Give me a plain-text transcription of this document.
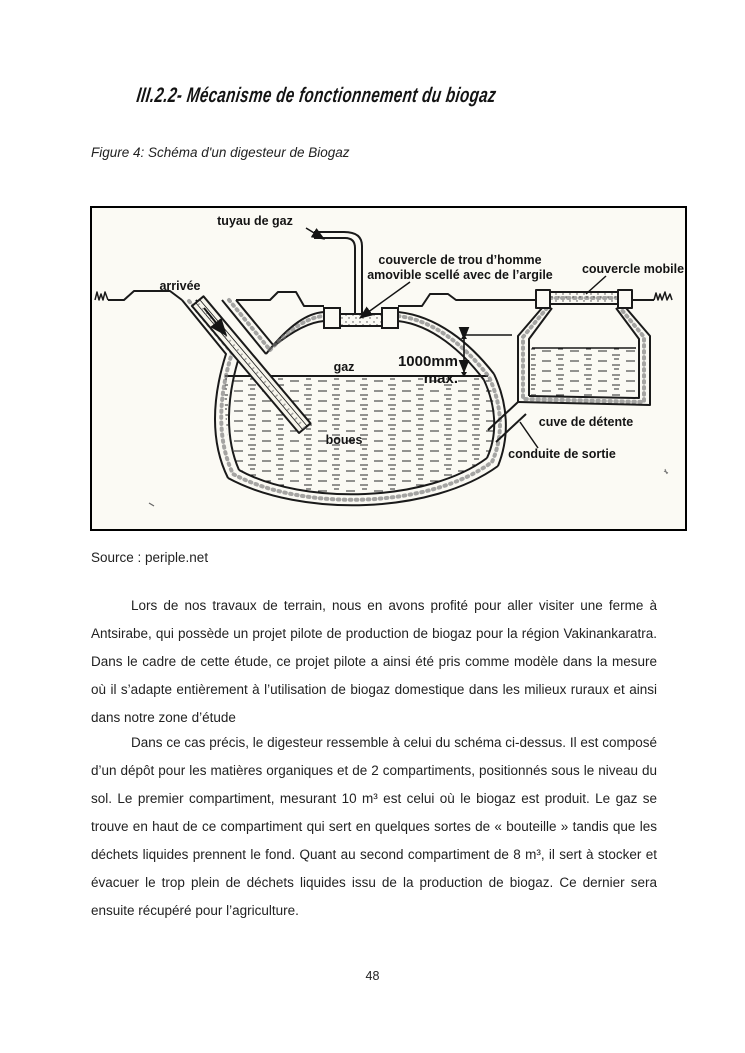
III.2.2- Mécanisme de fonctionnement du biogaz
Figure 4: Schéma d'un digesteur de Biogaz
tuyau de gaz
couvercle de trou d’homme
amovible scellé avec de l’argile couvercle mobile
arrivée
gaz	1000mm
max.
boues
cuve de détente
conduite de sortie
Source : periple.net
Lors de nos travaux de terrain, nous en avons profité pour aller visiter une ferme à Antsirabe, qui possède un projet pilote de production de biogaz pour la région Vakinankaratra. Dans le cadre de cette étude, ce projet pilote a ainsi été pris comme modèle dans la mesure où il s’adapte entièrement à l’utilisation de biogaz domestique dans les milieux ruraux et ainsi dans notre zone d’étude
Dans ce cas précis, le digesteur ressemble à celui du schéma ci-dessus. Il est composé d’un dépôt pour les matières organiques et de 2 compartiments, positionnés sous le niveau du sol. Le premier compartiment, mesurant 10 m³ est celui où le biogaz est produit. Le gaz se trouve en haut de ce compartiment qui sert en quelques sortes de « bouteille » tandis que les déchets liquides prennent le fond. Quant au second compartiment de 8 m³, il sert à stocker et évacuer le trop plein de déchets liquides issu de la production de biogaz. Ce dernier sera ensuite récupéré pour l’agriculture.
48
